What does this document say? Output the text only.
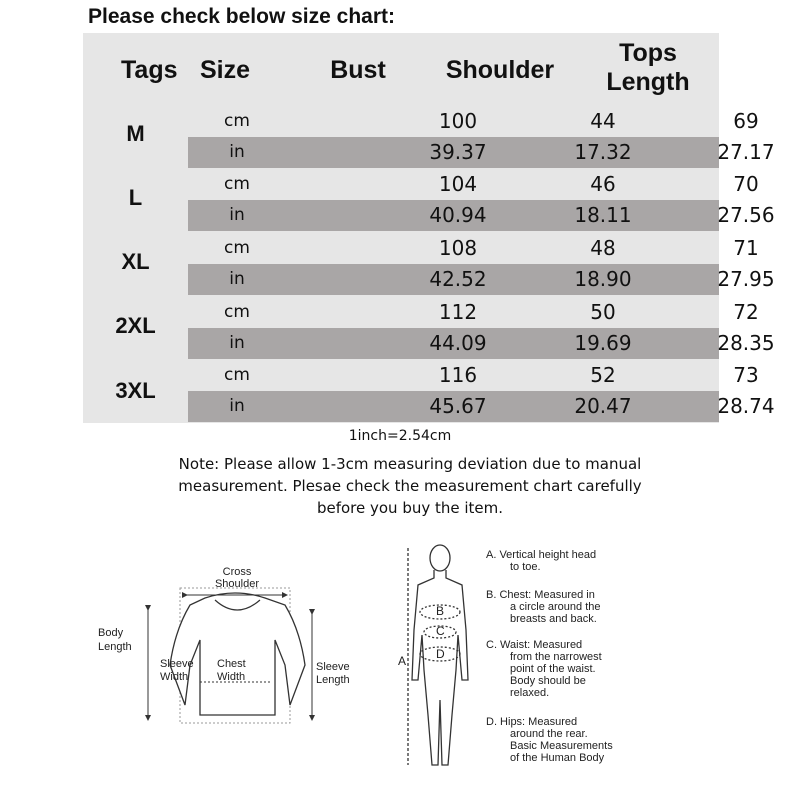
Please check below size chart:
Tags Size	Bust	Shoulder
Tops
Length
M	cm	100	44	69
in	39.37	17.32	27.17
L
cm	104	46	70
in	40.94	18.11	27.56
XL
cm	108	48	71
in	42.52	18.90	27.95
2XL
cm	112	50	72
in	44.09	19.69	28.35
3XL
cm	116	52	73
in	45.67	20.47	28.74
1inch=2.54cm
Note: Please allow 1-3cm measuring deviation due to manual
measurement. Plesae check the measurement chart carefully
before you buy the item.
Cross
Shoulder
Body
Length
Sleeve
Width
Chest
Width
Sleeve
Length
A
B
C
D
A. Vertical height head
to toe.
B. Chest: Measured in
a circle around the
breasts and back.
C. Waist: Measured
from the narrowest
point of the waist.
Body should be
relaxed.
D. Hips: Measured
around the rear.
Basic Measurements
of the Human Body
